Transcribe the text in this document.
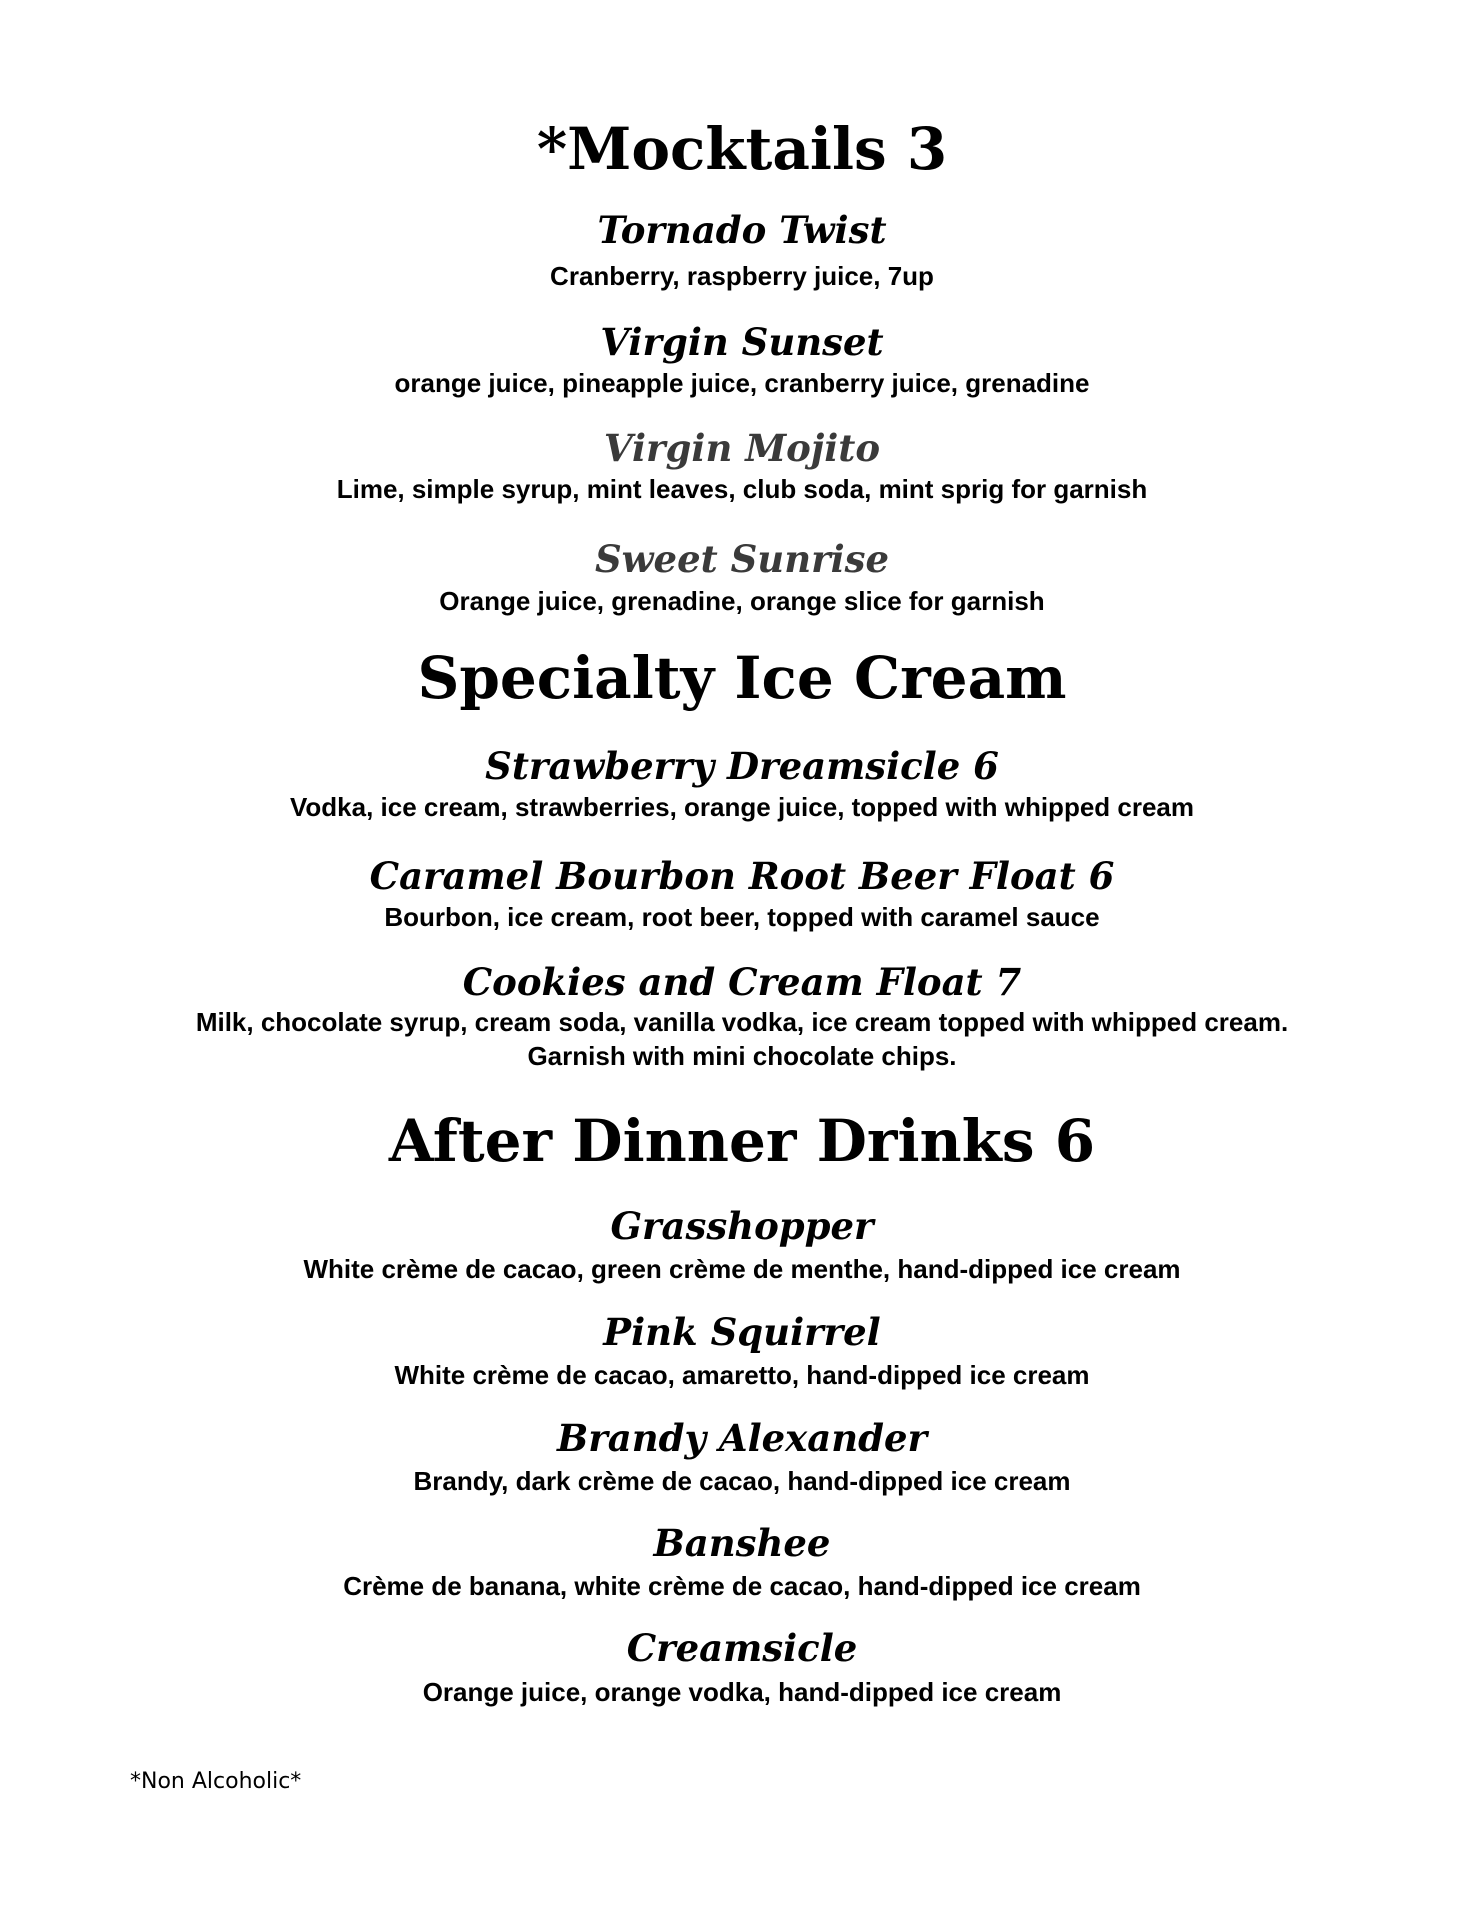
*Mocktails 3
Tornado Twist

Cranberry, raspberry juice, 7up

Virgin Sunset

orange juice, pineapple juice, cranberry juice, grenadine

Virgin Mojito

Lime, simple syrup, mint leaves, club soda, mint sprig for garnish

Sweet Sunrise

Orange juice, grenadine, orange slice for garnish

Specialty Ice Cream
Strawberry Dreamsicle 6

Vodka, ice cream, strawberries, orange juice, topped with whipped cream

Caramel Bourbon Root Beer Float 6

Bourbon, ice cream, root beer, topped with caramel sauce

Cookies and Cream Float 7

Milk, chocolate syrup, cream soda, vanilla vodka, ice cream topped with whipped cream.

Garnish with mini chocolate chips.

After Dinner Drinks 6
Grasshopper

White crème de cacao, green crème de menthe, hand-dipped ice cream

Pink Squirrel

White crème de cacao, amaretto, hand-dipped ice cream

Brandy Alexander

Brandy, dark crème de cacao, hand-dipped ice cream

Banshee

Crème de banana, white crème de cacao, hand-dipped ice cream

Creamsicle

Orange juice, orange vodka, hand-dipped ice cream

*Non Alcoholic*
